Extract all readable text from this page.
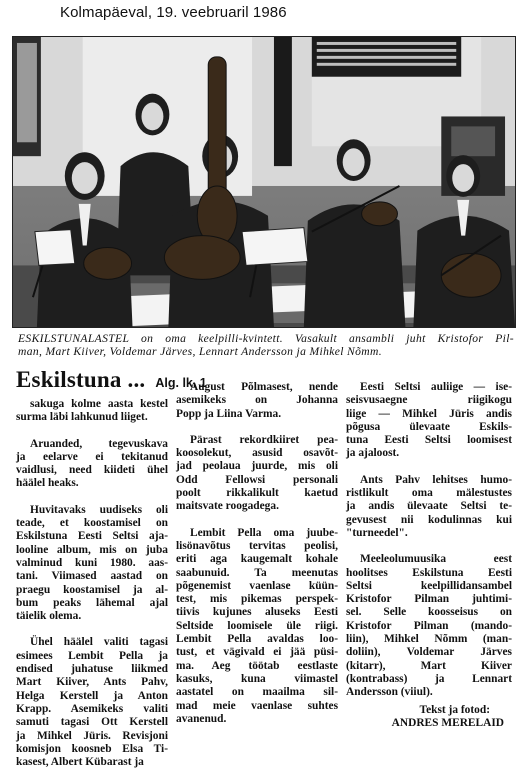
Kolmapäeval, 19. veebruaril 1986
ESKILSTUNALASTEL on oma keelpilli-kvintett. Vasakult ansambli juht Kristofor Pil-
man, Mart Kiiver, Voldemar Järves, Lennart Andersson ja Mihkel Nõmm.
Eskilstuna ... Alg. lk. 1
sakuga kolme aasta kestel
surma läbi lahkunud liiget.
Aruanded, tegevuskava
ja eelarve ei tekitanud
vaidlusi, need kiideti ühel
häälel heaks.
Huvitavaks uudiseks oli
teade, et koostamisel on
Eskilstuna Eesti Seltsi aja-
looline album, mis on juba
valminud kuni 1980. aas-
tani. Viimased aastad on
praegu koostamisel ja al-
bum peaks lähemal ajal
täielik olema.
Ühel häälel valiti tagasi
esimees Lembit Pella ja
endised juhatuse liikmed
Mart Kiiver, Ants Pahv,
Helga Kerstell ja Anton
Krapp. Asemikeks valiti
samuti tagasi Ott Kerstell
ja Mihkel Jüris. Revisjoni
komisjon koosneb Elsa Ti-
kasest, Albert Kübarast ja
August Põlmasest, nende
asemikeks on Johanna
Popp ja Liina Varma.
Pärast rekordkiiret pea-
koosolekut, asusid osavõt-
jad peolaua juurde, mis oli
Odd Fellowsi personali
poolt rikkalikult kaetud
maitsvate roogadega.
Lembit Pella oma juube-
lisönavõtus tervitas peolisi,
eriti aga kaugemalt kohale
saabunuid. Ta meenutas
põgenemist vaenlase küün-
test, mis pikemas perspek-
tiivis kujunes aluseks Eesti
Seltside loomisele üle riigi.
Lembit Pella avaldas loo-
tust, et vägivald ei jää püsi-
ma. Aeg töötab eestlaste
kasuks, kuna viimastel
aastatel on maailma sil-
mad meie vaenlase suhtes
avanenud.
Eesti Seltsi auliige — ise-
seisvusaegne riigikogu
liige — Mihkel Jüris andis
põgusa ülevaate Eskils-
tuna Eesti Seltsi loomisest
ja ajaloost.
Ants Pahv lehitses humo-
ristlikult oma mälestustes
ja andis ülevaate Seltsi te-
gevusest nii kodulinnas kui
"turneedel".
Meeleolumuusika eest
hoolitses Eskilstuna Eesti
Seltsi keelpillidansambel
Kristofor Pilman juhtimi-
sel. Selle koosseisus on
Kristofor Pilman (mando-
liin), Mihkel Nõmm (man-
doliin), Voldemar Järves
(kitarr), Mart Kiiver
(kontrabass) ja Lennart
Andersson (viiul).
Tekst ja fotod:
ANDRES MERELAID
